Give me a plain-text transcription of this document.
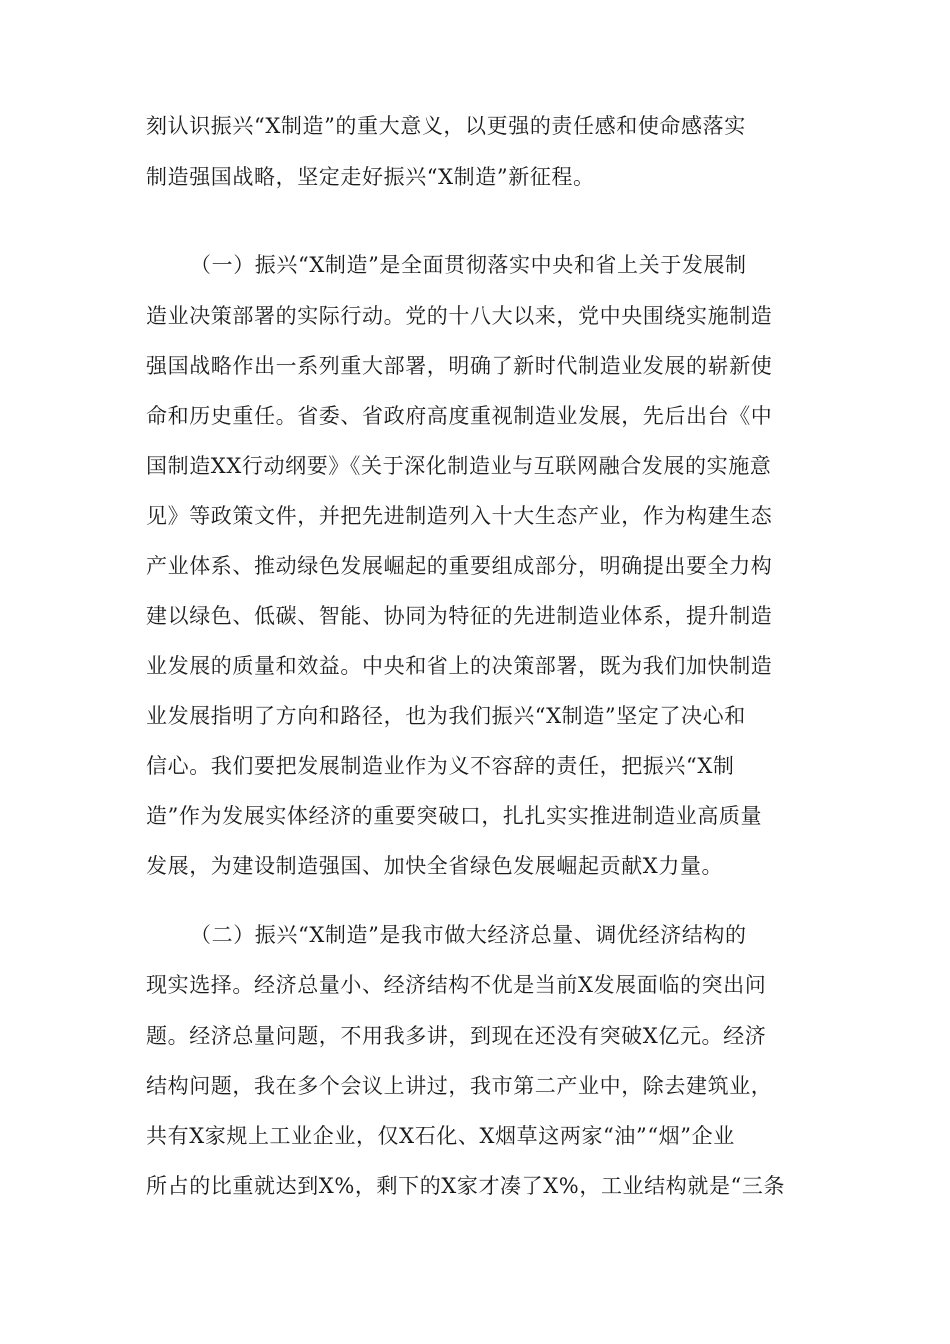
刻认识振兴“X制造”的重大意义，以更强的责任感和使命感落实
制造强国战略，坚定走好振兴“X制造”新征程。
（一）振兴“X制造”是全面贯彻落实中央和省上关于发展制
造业决策部署的实际行动。党的十八大以来，党中央围绕实施制造
强国战略作出一系列重大部署，明确了新时代制造业发展的崭新使
命和历史重任。省委、省政府高度重视制造业发展，先后出台《中
国制造XX行动纲要》《关于深化制造业与互联网融合发展的实施意
见》等政策文件，并把先进制造列入十大生态产业，作为构建生态
产业体系、推动绿色发展崛起的重要组成部分，明确提出要全力构
建以绿色、低碳、智能、协同为特征的先进制造业体系，提升制造
业发展的质量和效益。中央和省上的决策部署，既为我们加快制造
业发展指明了方向和路径，也为我们振兴“X制造”坚定了决心和
信心。我们要把发展制造业作为义不容辞的责任，把振兴“X制
造”作为发展实体经济的重要突破口，扎扎实实推进制造业高质量
发展，为建设制造强国、加快全省绿色发展崛起贡献X力量。
（二）振兴“X制造”是我市做大经济总量、调优经济结构的
现实选择。经济总量小、经济结构不优是当前X发展面临的突出问
题。经济总量问题，不用我多讲，到现在还没有突破X亿元。经济
结构问题，我在多个会议上讲过，我市第二产业中，除去建筑业，
共有X家规上工业企业，仅X石化、X烟草这两家“油”“烟”企业
所占的比重就达到X%，剩下的X家才凑了X%，工业结构就是“三条
